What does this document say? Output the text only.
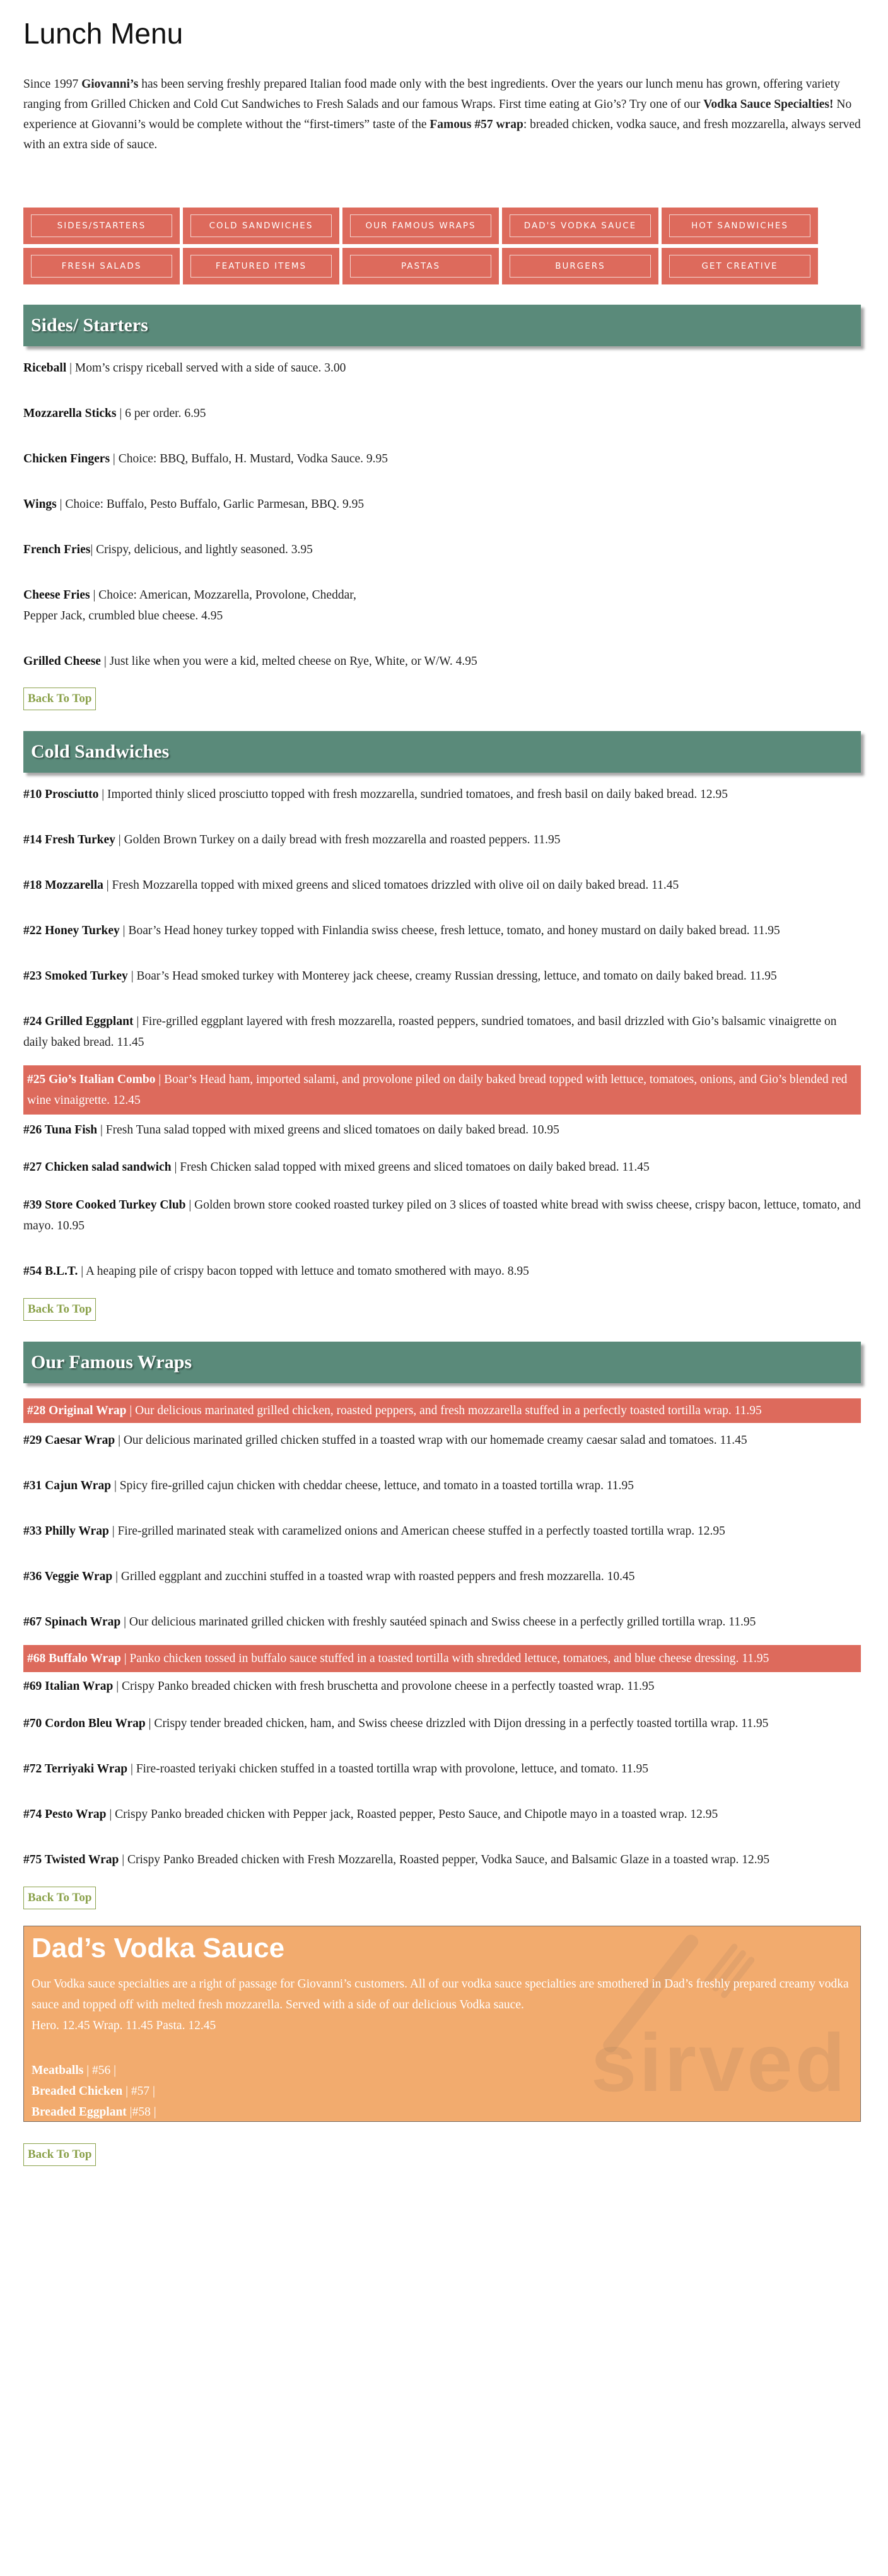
Lunch Menu

Since 1997 Giovanni’s has been serving freshly prepared Italian food made only with the best ingredients. Over the years our lunch menu has grown, offering variety ranging from Grilled Chicken and Cold Cut Sandwiches to Fresh Salads and our famous Wraps. First time eating at Gio’s? Try one of our Vodka Sauce Specialties! No experience at Giovanni’s would be complete without the “first-timers” taste of the Famous #57 wrap: breaded chicken, vodka sauce, and fresh mozzarella, always served with an extra side of sauce.

SIDES/STARTERS	COLD SANDWICHES	OUR FAMOUS WRAPS	DAD'S VODKA SAUCE	HOT SANDWICHES
FRESH SALADS	FEATURED ITEMS	PASTAS	BURGERS	GET CREATIVE
Sides/ Starters
Riceball | Mom’s crispy riceball served with a side of sauce. 3.00
Mozzarella Sticks | 6 per order. 6.95
Chicken Fingers | Choice: BBQ, Buffalo, H. Mustard, Vodka Sauce. 9.95
Wings | Choice: Buffalo, Pesto Buffalo, Garlic Parmesan, BBQ. 9.95
French Fries| Crispy, delicious, and lightly seasoned. 3.95
Cheese Fries | Choice: American, Mozzarella, Provolone, Cheddar,
Pepper Jack, crumbled blue cheese. 4.95
Grilled Cheese | Just like when you were a kid, melted cheese on Rye, White, or W/W. 4.95
Back To Top
Cold Sandwiches
#10 Prosciutto | Imported thinly sliced prosciutto topped with fresh mozzarella, sundried tomatoes, and fresh basil on daily baked bread. 12.95
#14 Fresh Turkey | Golden Brown Turkey on a daily bread with fresh mozzarella and roasted peppers. 11.95
#18 Mozzarella | Fresh Mozzarella topped with mixed greens and sliced tomatoes drizzled with olive oil on daily baked bread. 11.45
#22 Honey Turkey | Boar’s Head honey turkey topped with Finlandia swiss cheese, fresh lettuce, tomato, and honey mustard on daily baked bread. 11.95
#23 Smoked Turkey | Boar’s Head smoked turkey with Monterey jack cheese, creamy Russian dressing, lettuce, and tomato on daily baked bread. 11.95
#24 Grilled Eggplant | Fire-grilled eggplant layered with fresh mozzarella, roasted peppers, sundried tomatoes, and basil drizzled with Gio’s balsamic vinaigrette on daily baked bread. 11.45
#25 Gio’s Italian Combo | Boar’s Head ham, imported salami, and provolone piled on daily baked bread topped with lettuce, tomatoes, onions, and Gio’s blended red wine vinaigrette. 12.45
#26 Tuna Fish | Fresh Tuna salad topped with mixed greens and sliced tomatoes on daily baked bread. 10.95
#27 Chicken salad sandwich | Fresh Chicken salad topped with mixed greens and sliced tomatoes on daily baked bread. 11.45
#39 Store Cooked Turkey Club | Golden brown store cooked roasted turkey piled on 3 slices of toasted white bread with swiss cheese, crispy bacon, lettuce, tomato, and mayo. 10.95
#54 B.L.T. | A heaping pile of crispy bacon topped with lettuce and tomato smothered with mayo. 8.95
Back To Top
Our Famous Wraps
#28 Original Wrap | Our delicious marinated grilled chicken, roasted peppers, and fresh mozzarella stuffed in a perfectly toasted tortilla wrap. 11.95
#29 Caesar Wrap | Our delicious marinated grilled chicken stuffed in a toasted wrap with our homemade creamy caesar salad and tomatoes. 11.45
#31 Cajun Wrap | Spicy fire-grilled cajun chicken with cheddar cheese, lettuce, and tomato in a toasted tortilla wrap. 11.95
#33 Philly Wrap | Fire-grilled marinated steak with caramelized onions and American cheese stuffed in a perfectly toasted tortilla wrap. 12.95
#36 Veggie Wrap | Grilled eggplant and zucchini stuffed in a toasted wrap with roasted peppers and fresh mozzarella. 10.45
#67 Spinach Wrap | Our delicious marinated grilled chicken with freshly sautéed spinach and Swiss cheese in a perfectly grilled tortilla wrap. 11.95
#68 Buffalo Wrap | Panko chicken tossed in buffalo sauce stuffed in a toasted tortilla with shredded lettuce, tomatoes, and blue cheese dressing. 11.95
#69 Italian Wrap | Crispy Panko breaded chicken with fresh bruschetta and provolone cheese in a perfectly toasted wrap. 11.95
#70 Cordon Bleu Wrap | Crispy tender breaded chicken, ham, and Swiss cheese drizzled with Dijon dressing in a perfectly toasted tortilla wrap. 11.95
#72 Terriyaki Wrap | Fire-roasted teriyaki chicken stuffed in a toasted tortilla wrap with provolone, lettuce, and tomato. 11.95
#74 Pesto Wrap | Crispy Panko breaded chicken with Pepper jack, Roasted pepper, Pesto Sauce, and Chipotle mayo in a toasted wrap. 12.95
#75 Twisted Wrap | Crispy Panko Breaded chicken with Fresh Mozzarella, Roasted pepper, Vodka Sauce, and Balsamic Glaze in a toasted wrap. 12.95
Back To Top
sirved
Dad’s Vodka Sauce
Our Vodka sauce specialties are a right of passage for Giovanni’s customers. All of our vodka sauce specialties are smothered in Dad’s freshly prepared creamy vodka sauce and topped off with melted fresh mozzarella. Served with a side of our delicious Vodka sauce.
Hero. 12.45 Wrap. 11.45 Pasta. 12.45
Meatballs | #56 |
Breaded Chicken | #57 |
Breaded Eggplant |#58 |
Back To Top
